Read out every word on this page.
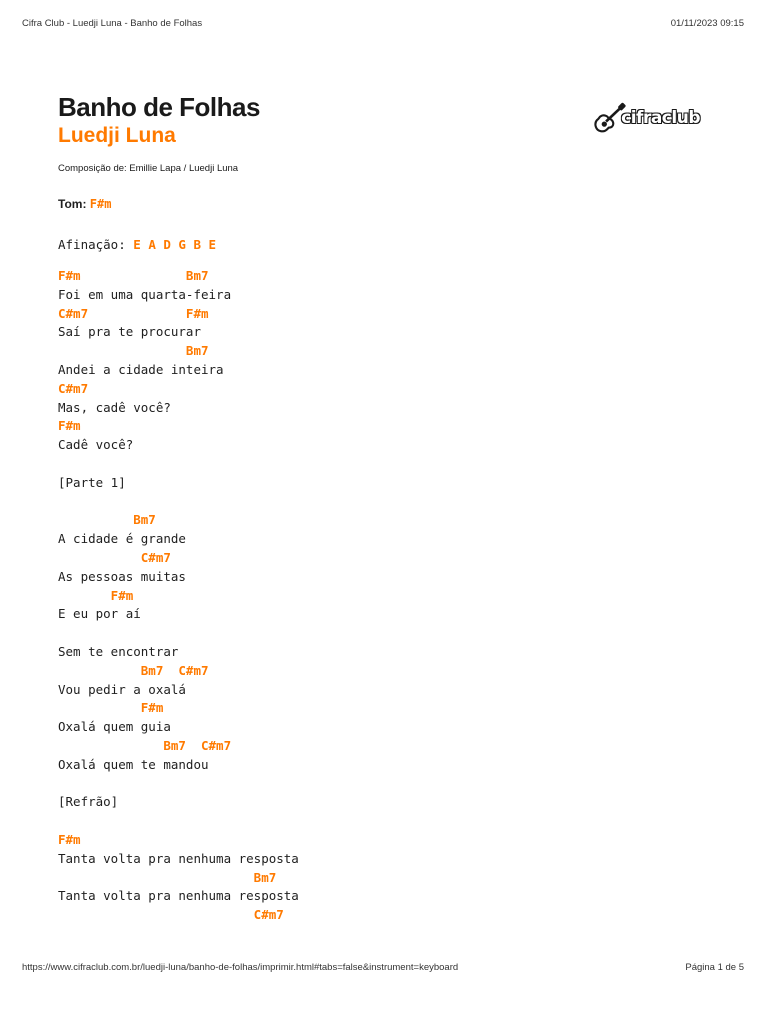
Cifra Club - Luedji Luna - Banho de Folhas	01/11/2023 09:15
Banho de Folhas
Luedji Luna
Composição de: Emillie Lapa / Luedji Luna
cifraclub
Tom: F#m
Afinação: E A D G B E
F#m              Bm7
Foi em uma quarta-feira
C#m7             F#m
Saí pra te procurar
Bm7
Andei a cidade inteira
C#m7
Mas, cadê você?
F#m
Cadê você?
[Parte 1]
Bm7
A cidade é grande
C#m7
As pessoas muitas
F#m
E eu por aí
Sem te encontrar
Bm7  C#m7
Vou pedir a oxalá
F#m
Oxalá quem guia
Bm7  C#m7
Oxalá quem te mandou
[Refrão]
F#m
Tanta volta pra nenhuma resposta
Bm7
Tanta volta pra nenhuma resposta
C#m7
https://www.cifraclub.com.br/luedji-luna/banho-de-folhas/imprimir.html#tabs=false&instrument=keyboard	Página 1 de 5
